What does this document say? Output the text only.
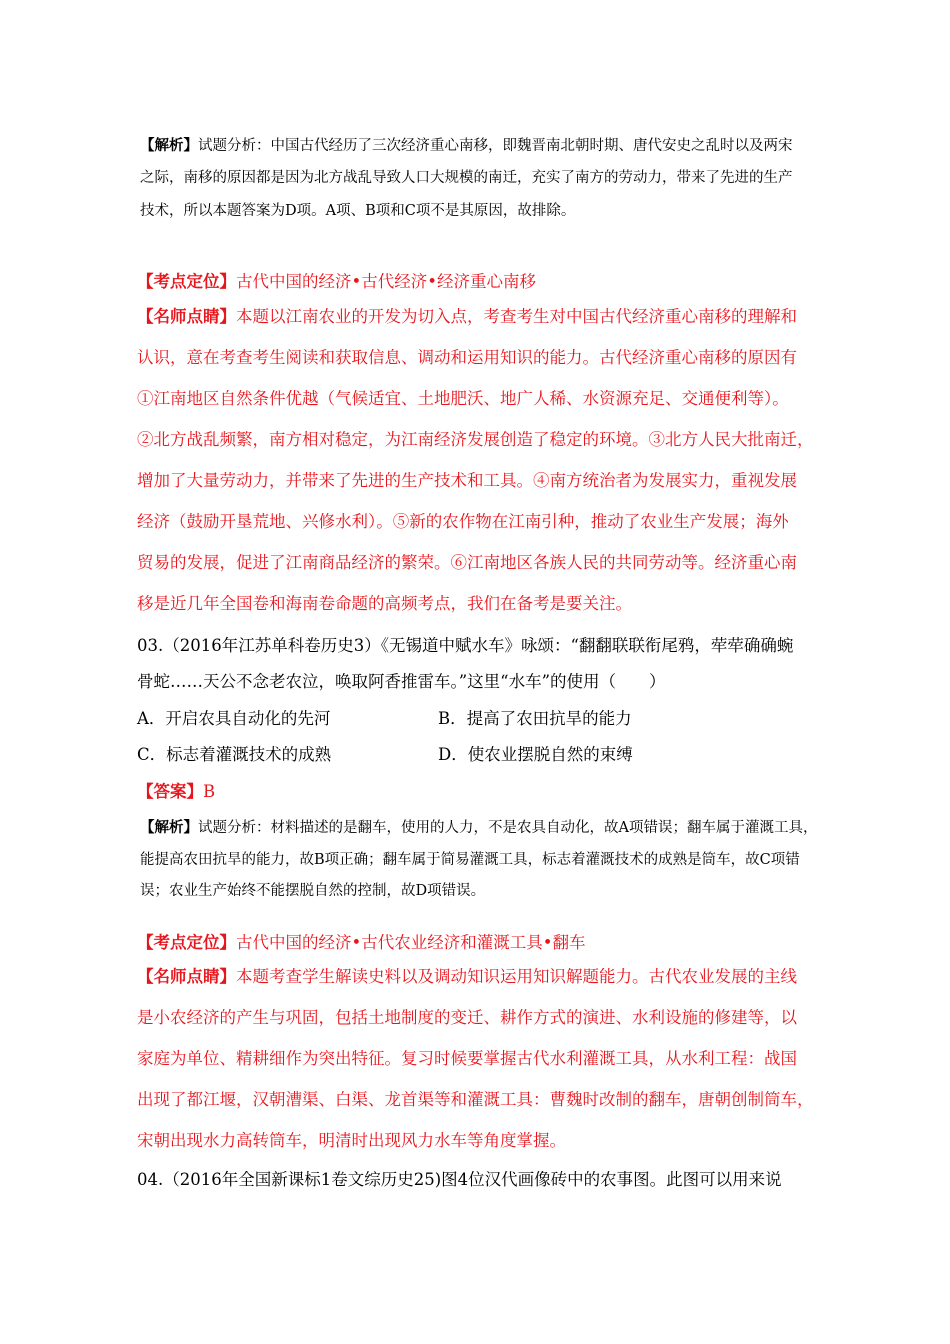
【解析】试题分析：中国古代经历了三次经济重心南移，即魏晋南北朝时期、唐代安史之乱时以及两宋
之际，南移的原因都是因为北方战乱导致人口大规模的南迁，充实了南方的劳动力，带来了先进的生产
技术，所以本题答案为D项。A项、B项和C项不是其原因，故排除。
【考点定位】古代中国的经济•古代经济•经济重心南移
【名师点睛】本题以江南农业的开发为切入点，考查考生对中国古代经济重心南移的理解和
认识，意在考查考生阅读和获取信息、调动和运用知识的能力。古代经济重心南移的原因有
①江南地区自然条件优越（气候适宜、土地肥沃、地广人稀、水资源充足、交通便利等）。
②北方战乱频繁，南方相对稳定，为江南经济发展创造了稳定的环境。③北方人民大批南迁，
增加了大量劳动力，并带来了先进的生产技术和工具。④南方统治者为发展实力，重视发展
经济（鼓励开垦荒地、兴修水利）。⑤新的农作物在江南引种，推动了农业生产发展；海外
贸易的发展，促进了江南商品经济的繁荣。⑥江南地区各族人民的共同劳动等。经济重心南
移是近几年全国卷和海南卷命题的高频考点，我们在备考是要关注。
03.（2016年江苏单科卷历史3）《无锡道中赋水车》咏颂：“翻翻联联衔尾鸦，荦荦确确蜿
骨蛇……天公不念老农泣，唤取阿香推雷车。”这里“水车”的使用（　　）
A．开启农具自动化的先河	B．提高了农田抗旱的能力
C．标志着灌溉技术的成熟	D．使农业摆脱自然的束缚
【答案】B
【解析】试题分析：材料描述的是翻车，使用的人力，不是农具自动化，故A项错误；翻车属于灌溉工具，
能提高农田抗旱的能力，故B项正确；翻车属于简易灌溉工具，标志着灌溉技术的成熟是筒车，故C项错
误；农业生产始终不能摆脱自然的控制，故D项错误。
【考点定位】古代中国的经济•古代农业经济和灌溉工具•翻车
【名师点睛】本题考查学生解读史料以及调动知识运用知识解题能力。古代农业发展的主线
是小农经济的产生与巩固，包括土地制度的变迁、耕作方式的演进、水利设施的修建等，以
家庭为单位、精耕细作为突出特征。复习时候要掌握古代水利灌溉工具，从水利工程：战国
出现了都江堰，汉朝漕渠、白渠、龙首渠等和灌溉工具：曹魏时改制的翻车，唐朝创制筒车，
宋朝出现水力高转筒车，明清时出现风力水车等角度掌握。
04.（2016年全国新课标1卷文综历史25)图4位汉代画像砖中的农事图。此图可以用来说
